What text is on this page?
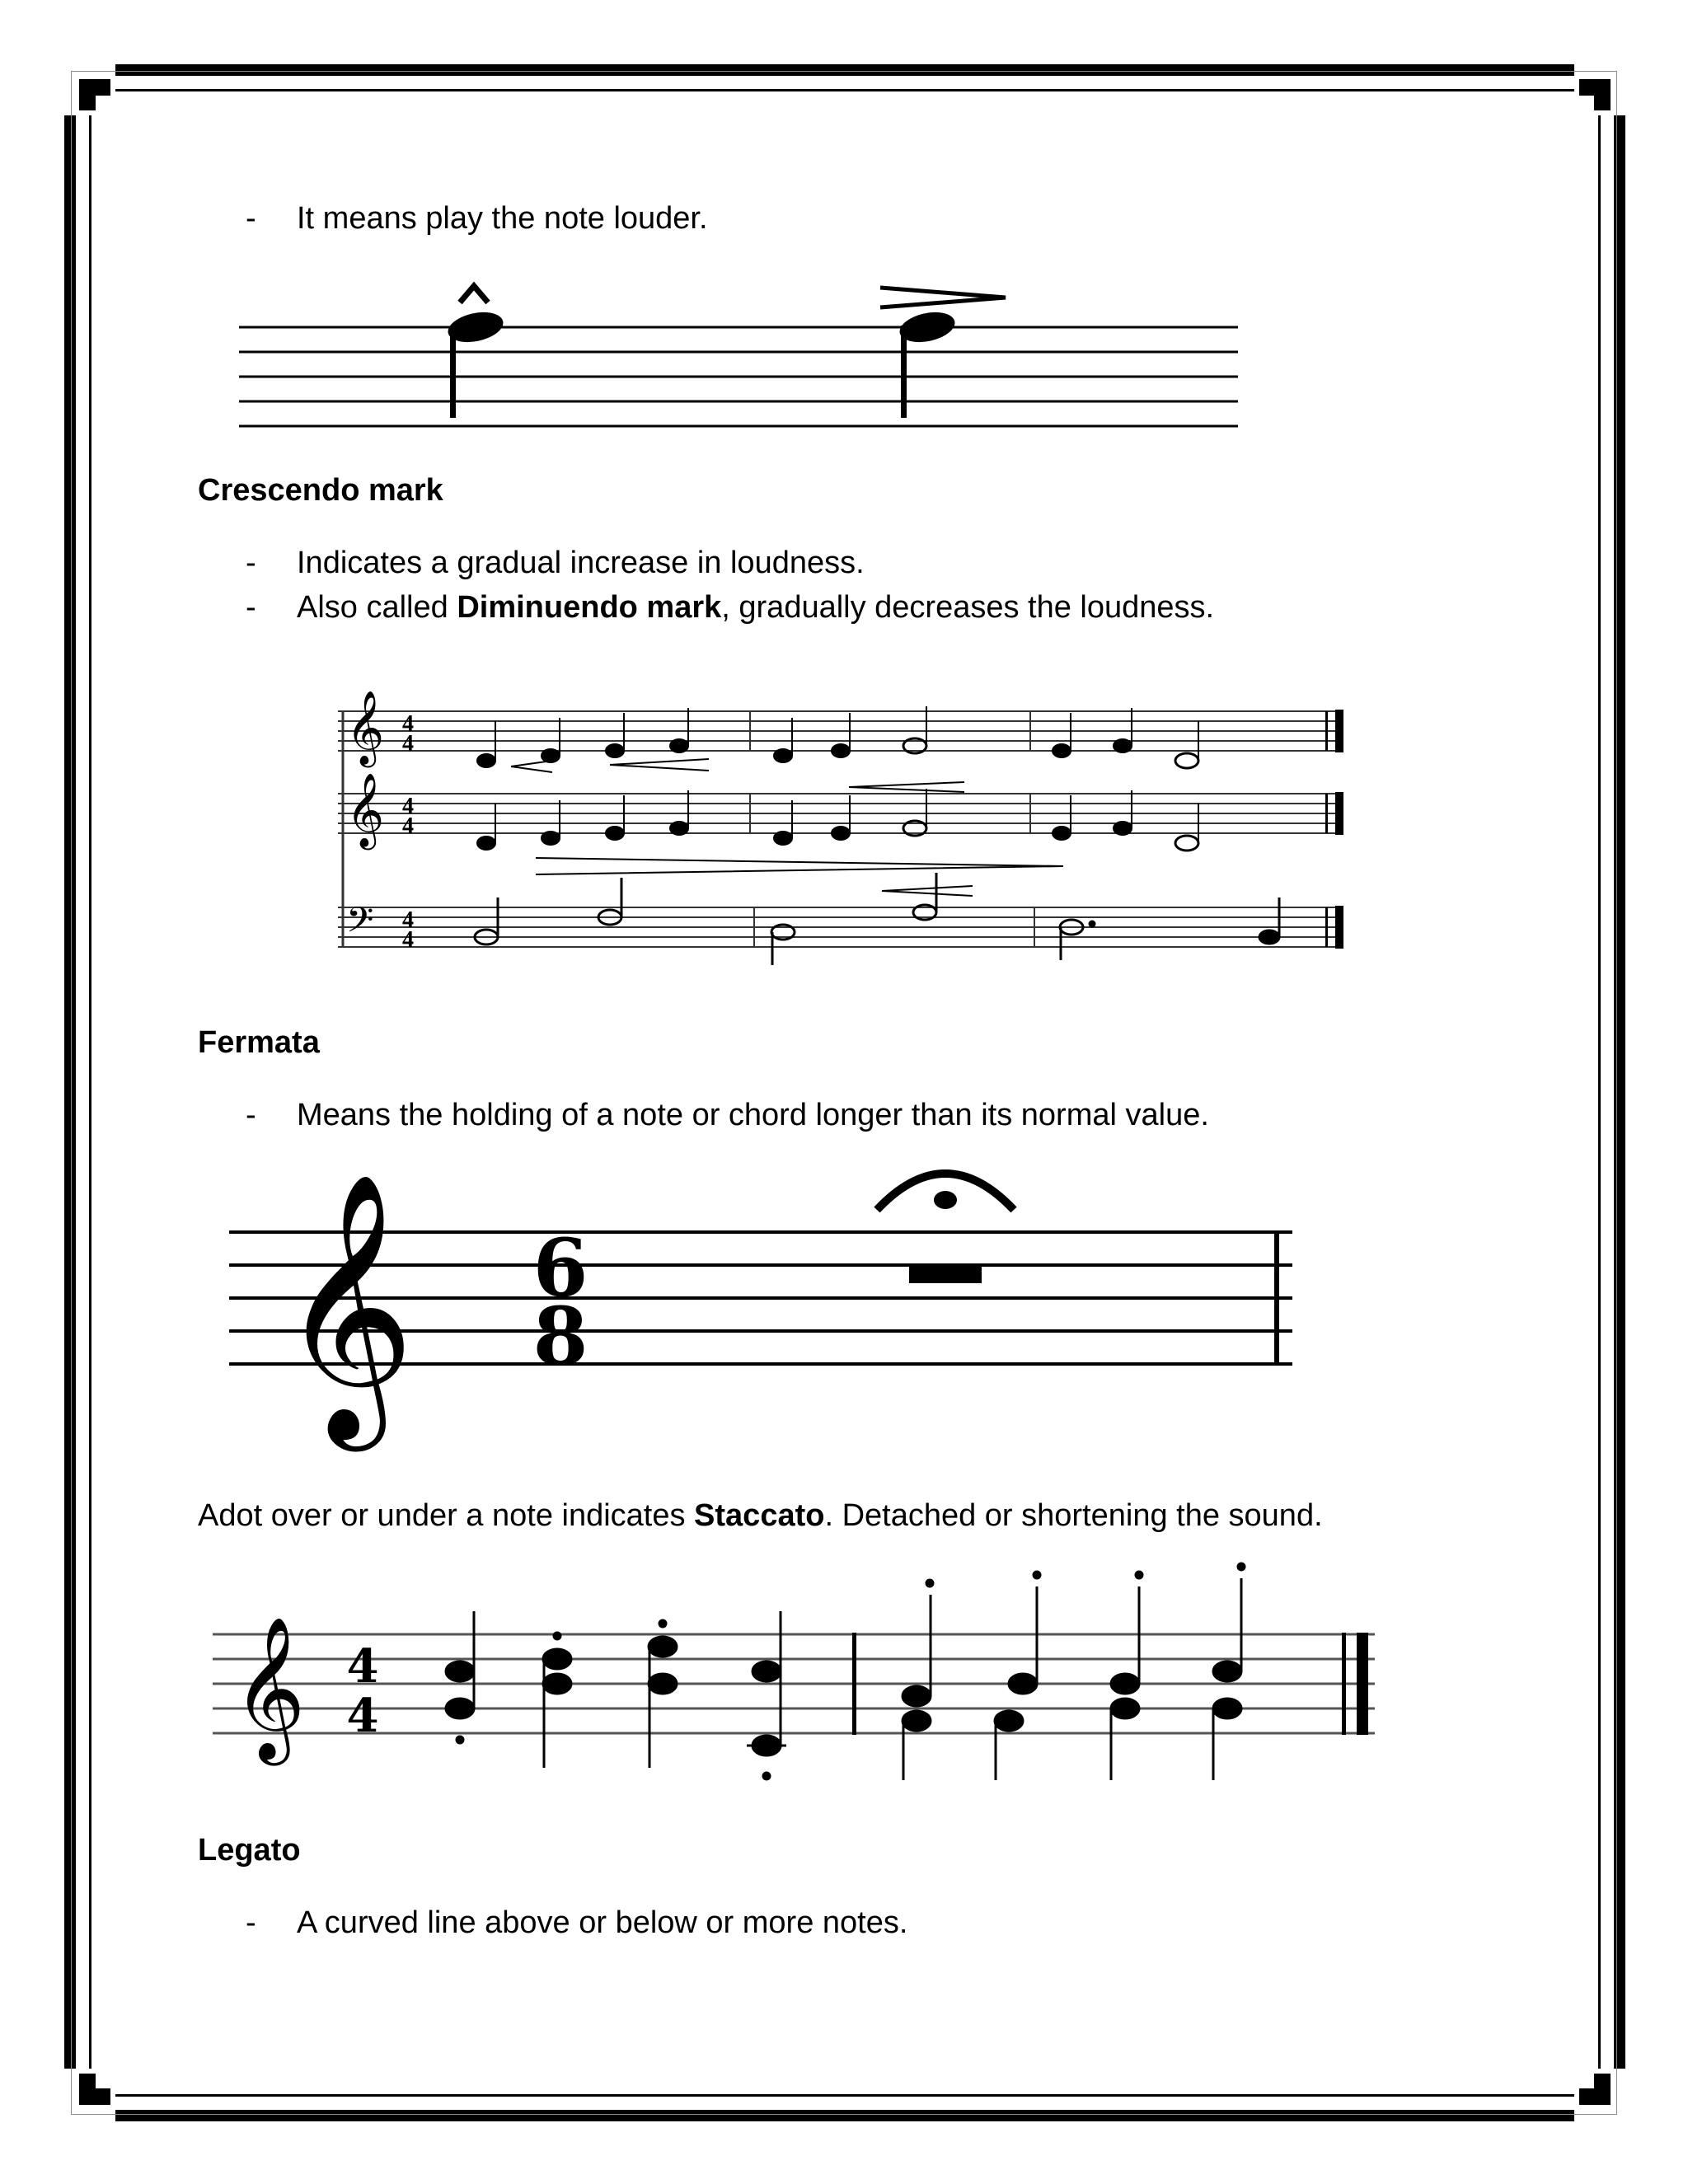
- It means play the note louder.
Crescendo mark
- Indicates a gradual increase in loudness.
- Also called Diminuendo mark, gradually decreases the loudness.
𝄞
𝄞
𝄢
4
4
4
4
4
4
Fermata
- Means the holding of a note or chord longer than its normal value.
𝄞 6
8
Adot over or under a note indicates Staccato. Detached or shortening the sound.
𝄞 4
4
Legato
- A curved line above or below or more notes.
